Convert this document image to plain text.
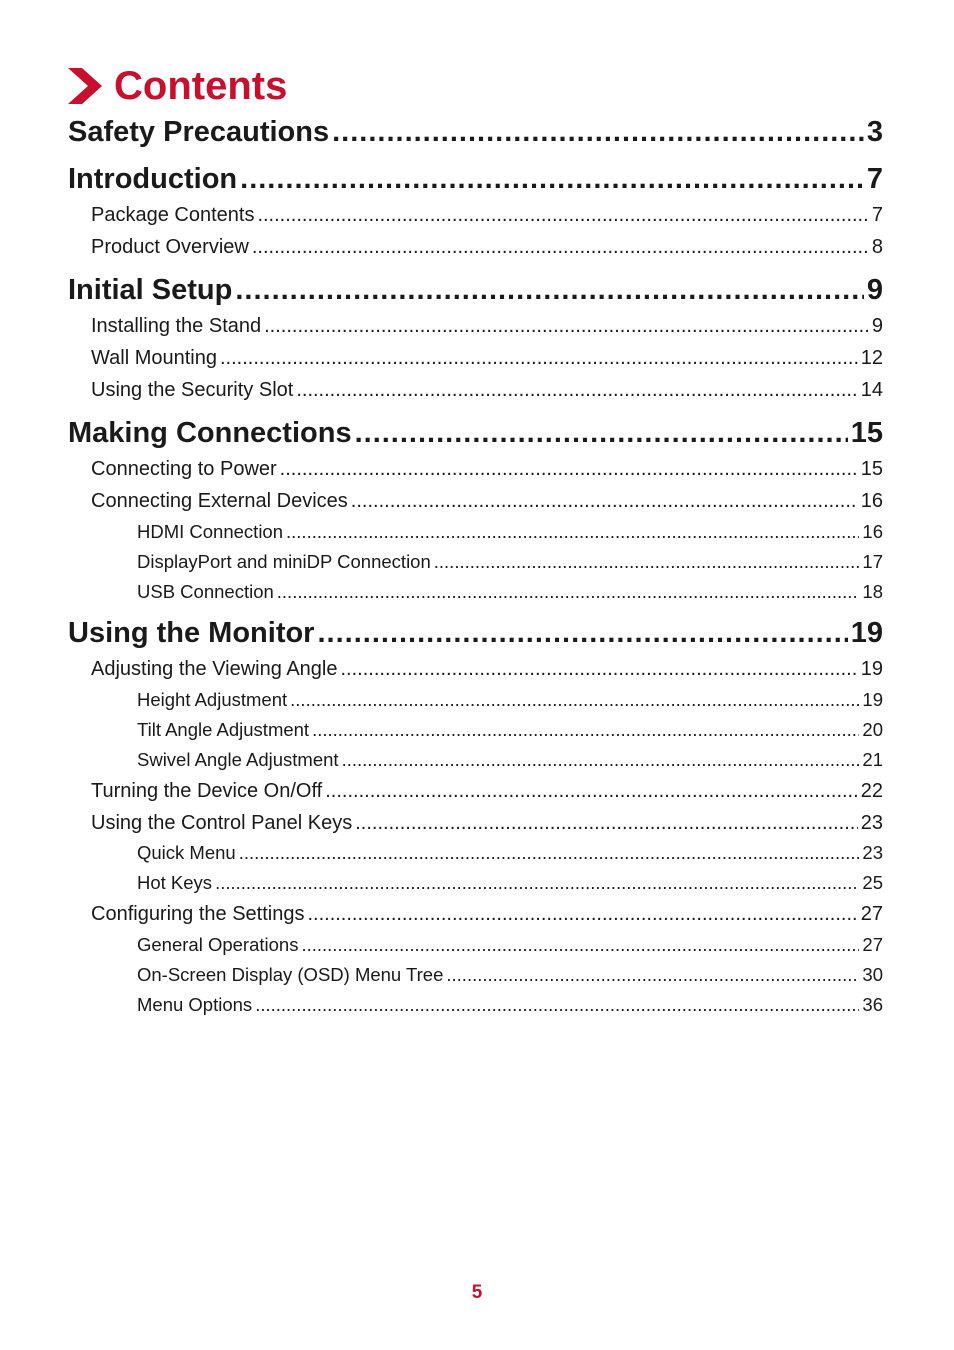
Contents
Safety Precautions .....	3
Introduction .....	7
Package Contents .....	7
Product Overview .....	8
Initial Setup .....	9
Installing the Stand .....	9
Wall Mounting .....	12
Using the Security Slot .....	14
Making Connections .....	15
Connecting to Power .....	15
Connecting External Devices .....	16
HDMI Connection .....	16
DisplayPort and miniDP Connection .....	17
USB Connection .....	18
Using the Monitor .....	19
Adjusting the Viewing Angle .....	19
Height Adjustment .....	19
Tilt Angle Adjustment .....	20
Swivel Angle Adjustment .....	21
Turning the Device On/Off .....	22
Using the Control Panel Keys .....	23
Quick Menu .....	23
Hot Keys .....	25
Configuring the Settings .....	27
General Operations .....	27
On-Screen Display (OSD) Menu Tree .....	30
Menu Options .....	36
5
